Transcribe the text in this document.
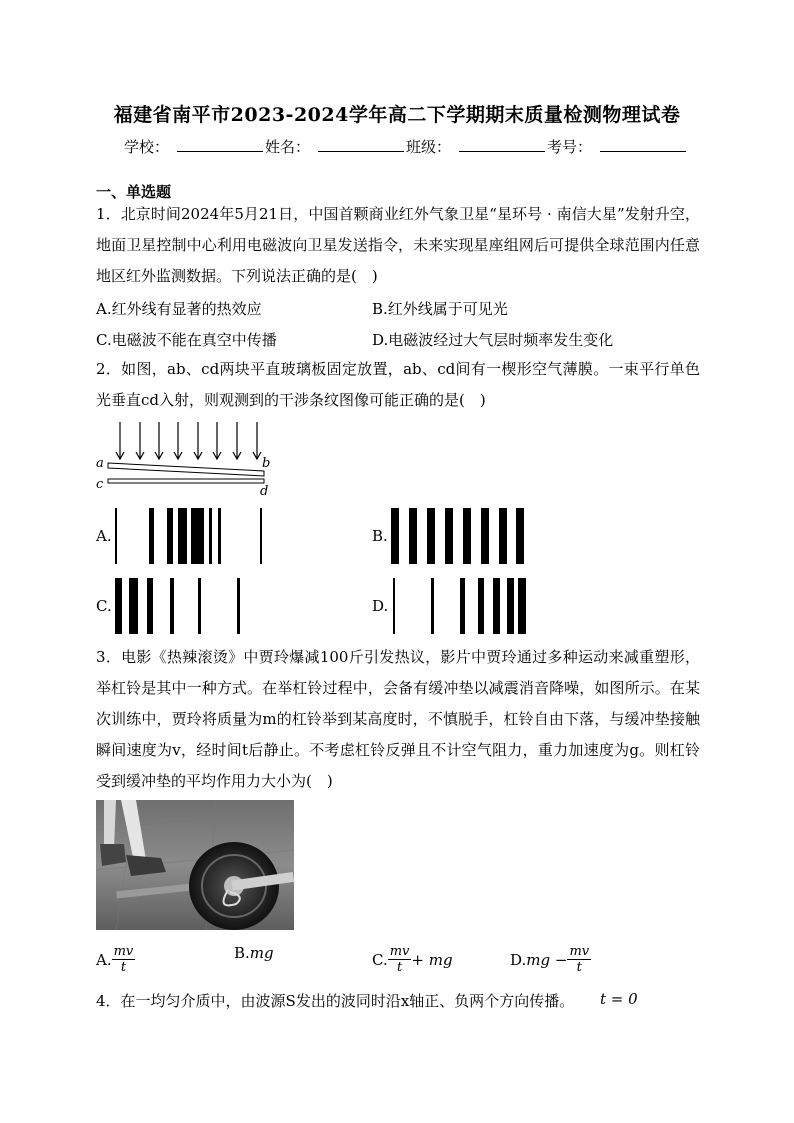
福建省南平市2023-2024学年高二下学期期末质量检测物理试卷
学校：	姓名：	班级：	考号：
一、单选题
1．北京时间2024年5月21日，中国首颗商业红外气象卫星“星环号 · 南信大星”发射升空，地面卫星控制中心利用电磁波向卫星发送指令，未来实现星座组网后可提供全球范围内任意地区红外监测数据。下列说法正确的是(　)
A.红外线有显著的热效应	B.红外线属于可见光
C.电磁波不能在真空中传播	D.电磁波经过大气层时频率发生变化
2．如图，ab、cd两块平直玻璃板固定放置，ab、cd间有一楔形空气薄膜。一束平行单色光垂直cd入射，则观测到的干涉条纹图像可能正确的是(　)
a	b
c	d
A.	B.
C.	D.
3．电影《热辣滚烫》中贾玲爆减100斤引发热议，影片中贾玲通过多种运动来减重塑形，举杠铃是其中一种方式。在举杠铃过程中，会备有缓冲垫以减震消音降噪，如图所示。在某次训练中，贾玲将质量为m的杠铃举到某高度时，不慎脱手，杠铃自由下落，与缓冲垫接触瞬间速度为v，经时间t后静止。不考虑杠铃反弹且不计空气阻力，重力加速度为g。则杠铃受到缓冲垫的平均作用力大小为(　)
A. $\frac{mv}{t}$	B. mg	C. $\frac{mv}{t}$ + mg	D. mg − $\frac{mv}{t}$
4．在一均匀介质中，由波源S发出的波同时沿x轴正、负两个方向传播。 t = 0
